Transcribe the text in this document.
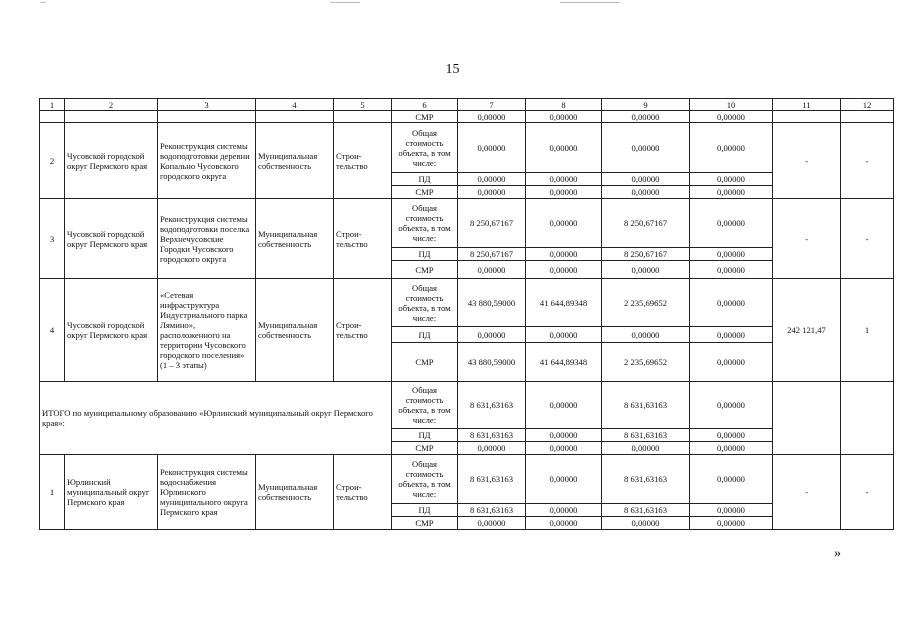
15
1	2	3	4	5	6	7	8	9	10	11	12
					СМР	0,00000	0,00000	0,00000	0,00000		
2	Чусовской городской округ Пермского края	Реконструкция системы водоподготовки деревни Копально Чусовского городского округа	Муниципальная собственность	Строи-тельство	Общая стоимость объекта, в том числе:	0,00000	0,00000	0,00000	0,00000	-	-
					ПД	0,00000	0,00000	0,00000	0,00000		
					СМР	0,00000	0,00000	0,00000	0,00000		
3	Чусовской городской округ Пермского края	Реконструкция системы водоподготовки поселка Верхнечусовские Городки Чусовского городского округа	Муниципальная собственность	Строи-тельство	Общая стоимость объекта, в том числе:	8 250,67167	0,00000	8 250,67167	0,00000	-	-
					ПД	8 250,67167	0,00000	8 250,67167	0,00000		
					СМР	0,00000	0,00000	0,00000	0,00000		
4	Чусовской городской округ Пермского края	«Сетевая инфраструктура Индустриального парка Лямино», расположенного на территории Чусовского городского поселения» (1 – 3 этапы)	Муниципальная собственность	Строи-тельство	Общая стоимость объекта, в том числе:	43 880,59000	41 644,89348	2 235,69652	0,00000	242 121,47	1
					ПД	0,00000	0,00000	0,00000	0,00000		
					СМР	43 880,59000	41 644,89348	2 235,69652	0,00000		
ИТОГО по муниципальному образованию «Юрлинский муниципальный округ Пермского края»:					Общая стоимость объекта, в том числе:	8 631,63163	0,00000	8 631,63163	0,00000		
					ПД	8 631,63163	0,00000	8 631,63163	0,00000		
					СМР	0,00000	0,00000	0,00000	0,00000		
1	Юрлинский муниципальный округ Пермского края	Реконструкция системы водоснабжения Юрлинского муниципального округа Пермского края	Муниципальная собственность	Строи-тельство	Общая стоимость объекта, в том числе:	8 631,63163	0,00000	8 631,63163	0,00000	-	-
					ПД	8 631,63163	0,00000	8 631,63163	0,00000		
					СМР	0,00000	0,00000	0,00000	0,00000		
»
